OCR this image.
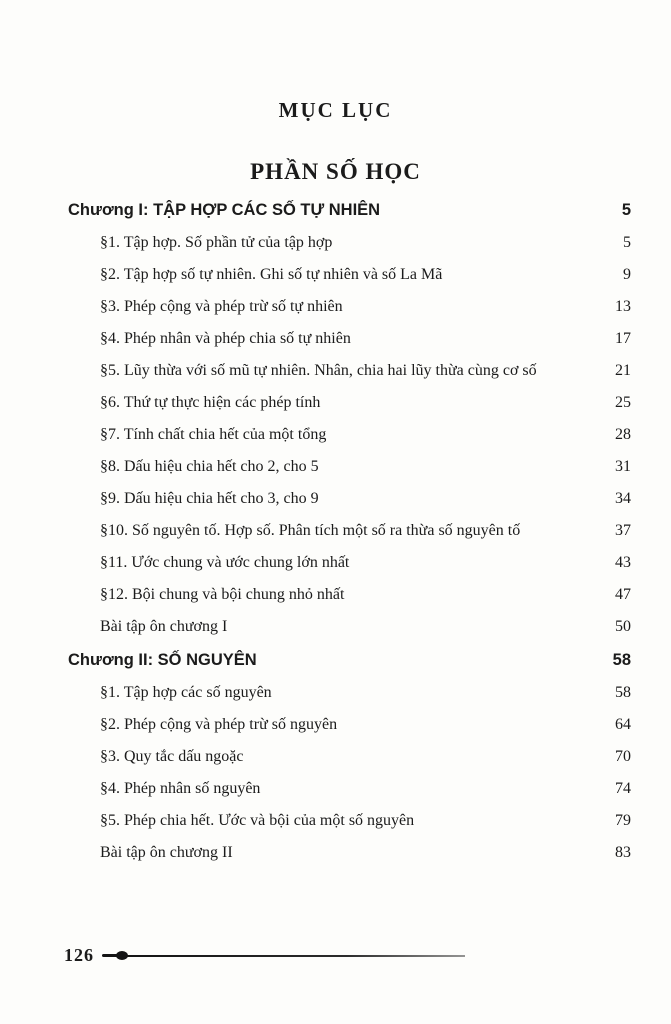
MỤC LỤC
PHẦN SỐ HỌC
Chương I: TẬP HỢP CÁC SỐ TỰ NHIÊN	5
§1. Tập hợp. Số phần tử của tập hợp	5
§2. Tập hợp số tự nhiên. Ghi số tự nhiên và số La Mã	9
§3. Phép cộng và phép trừ số tự nhiên	13
§4. Phép nhân và phép chia số tự nhiên	17
§5. Lũy thừa với số mũ tự nhiên. Nhân, chia hai lũy thừa cùng cơ số	21
§6. Thứ tự thực hiện các phép tính	25
§7. Tính chất chia hết của một tổng	28
§8. Dấu hiệu chia hết cho 2, cho 5	31
§9. Dấu hiệu chia hết cho 3, cho 9	34
§10. Số nguyên tố. Hợp số. Phân tích một số ra thừa số nguyên tố	37
§11. Ước chung và ước chung lớn nhất	43
§12. Bội chung và bội chung nhỏ nhất	47
Bài tập ôn chương I	50
Chương II: SỐ NGUYÊN	58
§1. Tập hợp các số nguyên	58
§2. Phép cộng và phép trừ số nguyên	64
§3. Quy tắc dấu ngoặc	70
§4. Phép nhân số nguyên	74
§5. Phép chia hết. Ước và bội của một số nguyên	79
Bài tập ôn chương II	83
126
